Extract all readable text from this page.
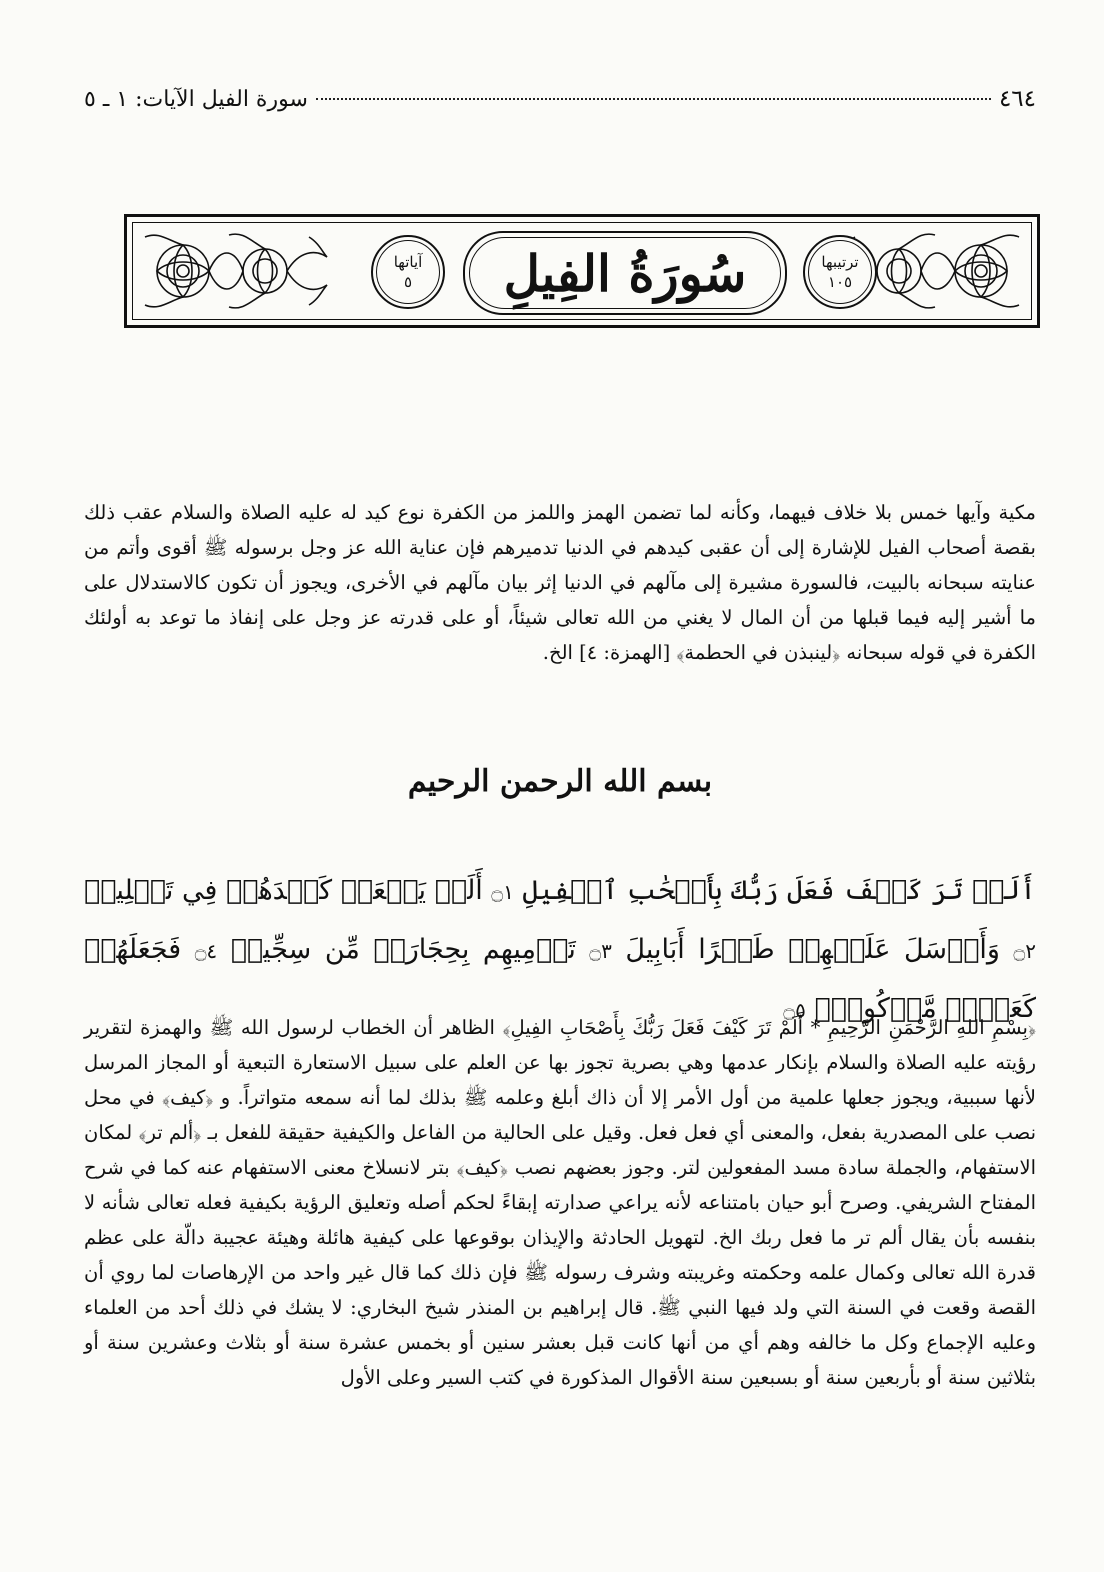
٤٦٤
سورة الفيل الآيات: ١ ـ ٥
آياتها
٥ سُورَةُ الفِيلِ	ترتيبها
١٠٥

مكية وآيها خمس بلا خلاف فيهما، وكأنه لما تضمن الهمز واللمز من الكفرة نوع كيد له عليه الصلاة والسلام عقب ذلك بقصة أصحاب الفيل للإشارة إلى أن عقبى كيدهم في الدنيا تدميرهم فإن عناية الله عز وجل برسوله ﷺ أقوى وأتم من عنايته سبحانه بالبيت، فالسورة مشيرة إلى مآلهم في الدنيا إثر بيان مآلهم في الأخرى، ويجوز أن تكون كالاستدلال على ما أشير إليه فيما قبلها من أن المال لا يغني من الله تعالى شيئاً، أو على قدرته عز وجل على إنفاذ ما توعد به أولئك الكفرة في قوله سبحانه ﴿لينبذن في الحطمة﴾ [الهمزة: ٤] الخ.

بسم الله الرحمن الرحيم

أَلَمۡ تَرَ كَيۡفَ فَعَلَ رَبُّكَ بِأَصۡحَٰبِ ٱلۡفِيلِ ۝١ أَلَمۡ يَجۡعَلۡ كَيۡدَهُمۡ فِي تَضۡلِيلٖ ۝٢ وَأَرۡسَلَ عَلَيۡهِمۡ طَيۡرًا أَبَابِيلَ ۝٣ تَرۡمِيهِم بِحِجَارَةٖ مِّن سِجِّيلٖ ۝٤ فَجَعَلَهُمۡ كَعَصۡفٖ مَّأۡكُولِۭ ۝٥

﴿بِسْمِ اللهِ الرَّحْمَنِ الرَّحِيمِ * أَلَمْ تَرَ كَيْفَ فَعَلَ رَبُّكَ بِأَصْحَابِ الفِيلِ﴾ الظاهر أن الخطاب لرسول الله ﷺ والهمزة لتقرير رؤيته عليه الصلاة والسلام بإنكار عدمها وهي بصرية تجوز بها عن العلم على سبيل الاستعارة التبعية أو المجاز المرسل لأنها سببية، ويجوز جعلها علمية من أول الأمر إلا أن ذاك أبلغ وعلمه ﷺ بذلك لما أنه سمعه متواتراً. و ﴿كيف﴾ في محل نصب على المصدرية بفعل، والمعنى أي فعل فعل. وقيل على الحالية من الفاعل والكيفية حقيقة للفعل بـ ﴿ألم تر﴾ لمكان الاستفهام، والجملة سادة مسد المفعولين لتر. وجوز بعضهم نصب ﴿كيف﴾ بتر لانسلاخ معنى الاستفهام عنه كما في شرح المفتاح الشريفي. وصرح أبو حيان بامتناعه لأنه يراعي صدارته إبقاءً لحكم أصله وتعليق الرؤية بكيفية فعله تعالى شأنه لا بنفسه بأن يقال ألم تر ما فعل ربك الخ. لتهويل الحادثة والإيذان بوقوعها على كيفية هائلة وهيئة عجيبة دالّة على عظم قدرة الله تعالى وكمال علمه وحكمته وغريبته وشرف رسوله ﷺ فإن ذلك كما قال غير واحد من الإرهاصات لما روي أن القصة وقعت في السنة التي ولد فيها النبي ﷺ. قال إبراهيم بن المنذر شيخ البخاري: لا يشك في ذلك أحد من العلماء وعليه الإجماع وكل ما خالفه وهم أي من أنها كانت قبل بعشر سنين أو بخمس عشرة سنة أو بثلاث وعشرين سنة أو بثلاثين سنة أو بأربعين سنة أو بسبعين سنة الأقوال المذكورة في كتب السير وعلى الأول
